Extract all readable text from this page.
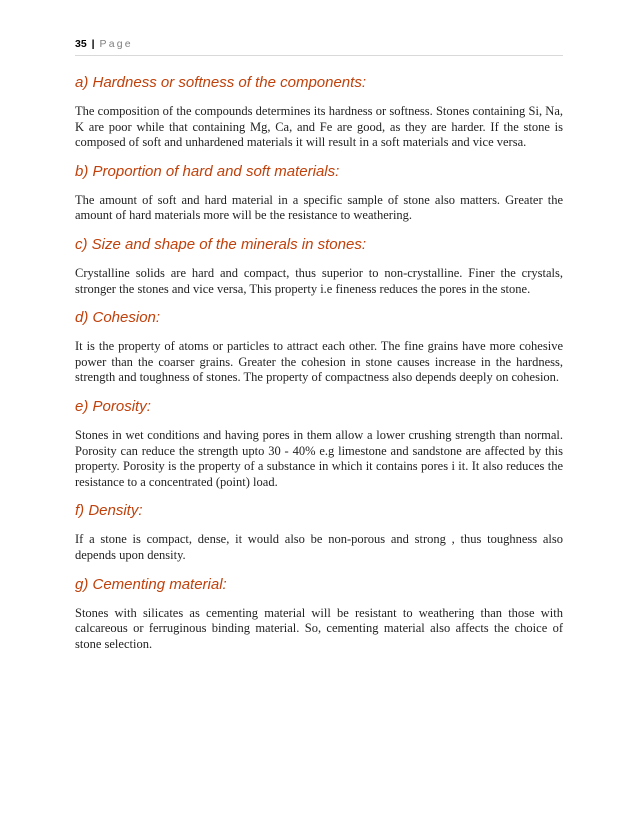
35 | Page
a) Hardness or softness of the components:
The composition of the compounds determines its hardness or softness. Stones containing Si, Na, K are poor while that containing Mg, Ca, and Fe are good, as they are harder. If the stone is composed of soft and unhardened materials it will result in a soft materials and vice versa.
b) Proportion of hard and soft materials:
The amount of soft and hard material in a specific sample of stone also matters. Greater the amount of hard materials more will be the resistance to weathering.
c) Size and shape of the minerals in stones:
Crystalline solids are hard and compact, thus superior to non-crystalline. Finer the crystals, stronger the stones and vice versa, This property i.e fineness reduces the pores in the stone.
d) Cohesion:
It is the property of atoms or particles to attract each other. The fine grains have more cohesive power than the coarser grains. Greater the cohesion in stone causes increase in the hardness, strength and toughness of stones. The property of compactness also depends deeply on cohesion.
e) Porosity:
Stones in wet conditions and having pores in them allow a lower crushing strength than normal. Porosity can reduce the strength upto 30 - 40% e.g limestone and sandstone are affected by this property. Porosity is the property of a substance in which it contains pores i it. It also reduces the resistance to a concentrated (point) load.
f) Density:
If a stone is compact, dense, it would also be non-porous and strong , thus toughness also depends upon density.
g) Cementing material:
Stones with silicates as cementing material will be resistant to weathering than those with calcareous or ferruginous binding material. So, cementing material also affects the choice of stone selection.
